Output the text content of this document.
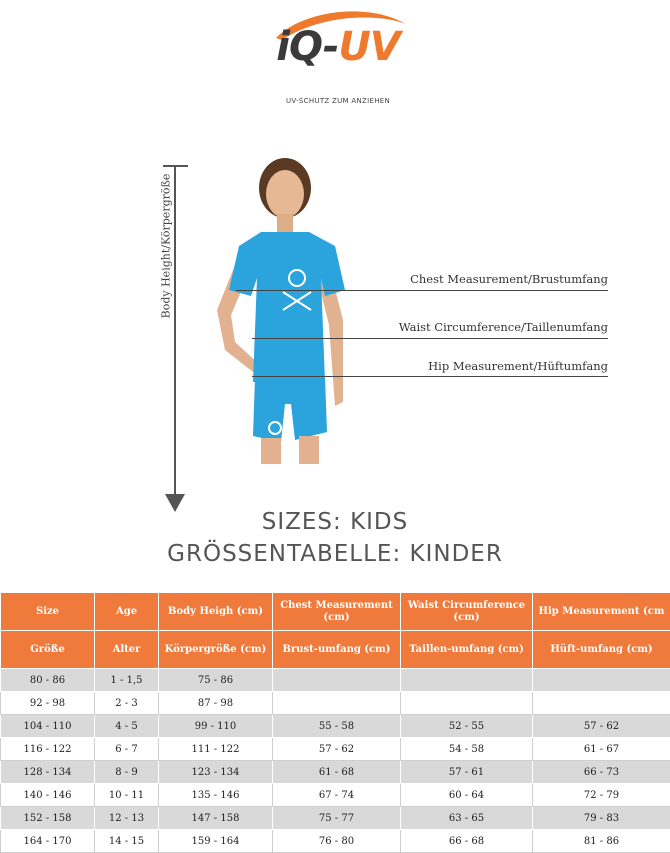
iQ-UV
UV-SCHUTZ ZUM ANZIEHEN
Body Height/Körpergröße	Chest Measurement/Brustumfang
Waist Circumference/Taillenumfang
Hip Measurement/Hüftumfang
SIZES: KIDS
GRÖSSENTABELLE: KINDER
Size	Age	Body Heigh (cm)	Chest Measurement (cm)	Waist Circumference (cm)	Hip Measurement (cm
Größe	Alter	Körpergröße (cm)	Brust-umfang (cm)	Taillen-umfang (cm)	Hüft-umfang (cm)
80 - 86	1 - 1,5	75 - 86			
92 - 98	2 - 3	87 - 98			
104 - 110	4 - 5	99 - 110	55 - 58	52 - 55	57 - 62
116 - 122	6 - 7	111 - 122	57 - 62	54 - 58	61 - 67
128 - 134	8 - 9	123 - 134	61 - 68	57 - 61	66 - 73
140 - 146	10 - 11	135 - 146	67 - 74	60 - 64	72 - 79
152 - 158	12 - 13	147 - 158	75 - 77	63 - 65	79 - 83
164 - 170	14 - 15	159 - 164	76 - 80	66 - 68	81 - 86
